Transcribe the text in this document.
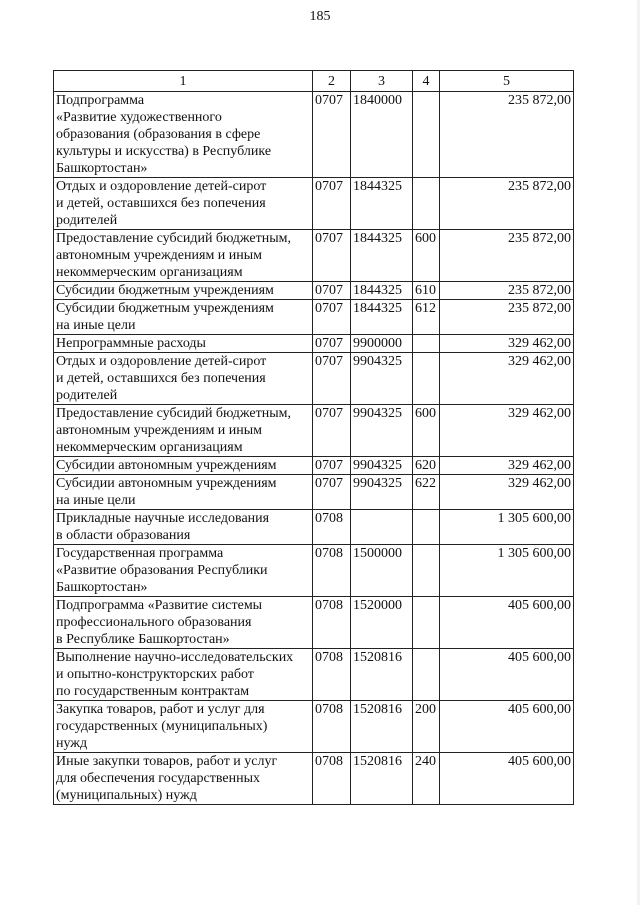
185
1	2	3	4	5
Подпрограмма
«Развитие художественного
образования (образования в сфере
культуры и искусства) в Республике
Башкортостан»	0707	1840000		235 872,00
Отдых и оздоровление детей-сирот
и детей, оставшихся без попечения
родителей	0707	1844325		235 872,00
Предоставление субсидий бюджетным,
автономным учреждениям и иным
некоммерческим организациям	0707	1844325	600	235 872,00
Субсидии бюджетным учреждениям	0707	1844325	610	235 872,00
Субсидии бюджетным учреждениям
на иные цели	0707	1844325	612	235 872,00
Непрограммные расходы	0707	9900000		329 462,00
Отдых и оздоровление детей-сирот
и детей, оставшихся без попечения
родителей	0707	9904325		329 462,00
Предоставление субсидий бюджетным,
автономным учреждениям и иным
некоммерческим организациям	0707	9904325	600	329 462,00
Субсидии автономным учреждениям	0707	9904325	620	329 462,00
Субсидии автономным учреждениям
на иные цели	0707	9904325	622	329 462,00
Прикладные научные исследования
в области образования	0708			1 305 600,00
Государственная программа
«Развитие образования Республики
Башкортостан»	0708	1500000		1 305 600,00
Подпрограмма «Развитие системы
профессионального образования
в Республике Башкортостан»	0708	1520000		405 600,00
Выполнение научно-исследовательских
и опытно-конструкторских работ
по государственным контрактам	0708	1520816		405 600,00
Закупка товаров, работ и услуг для
государственных (муниципальных)
нужд	0708	1520816	200	405 600,00
Иные закупки товаров, работ и услуг
для обеспечения государственных
(муниципальных) нужд	0708	1520816	240	405 600,00
